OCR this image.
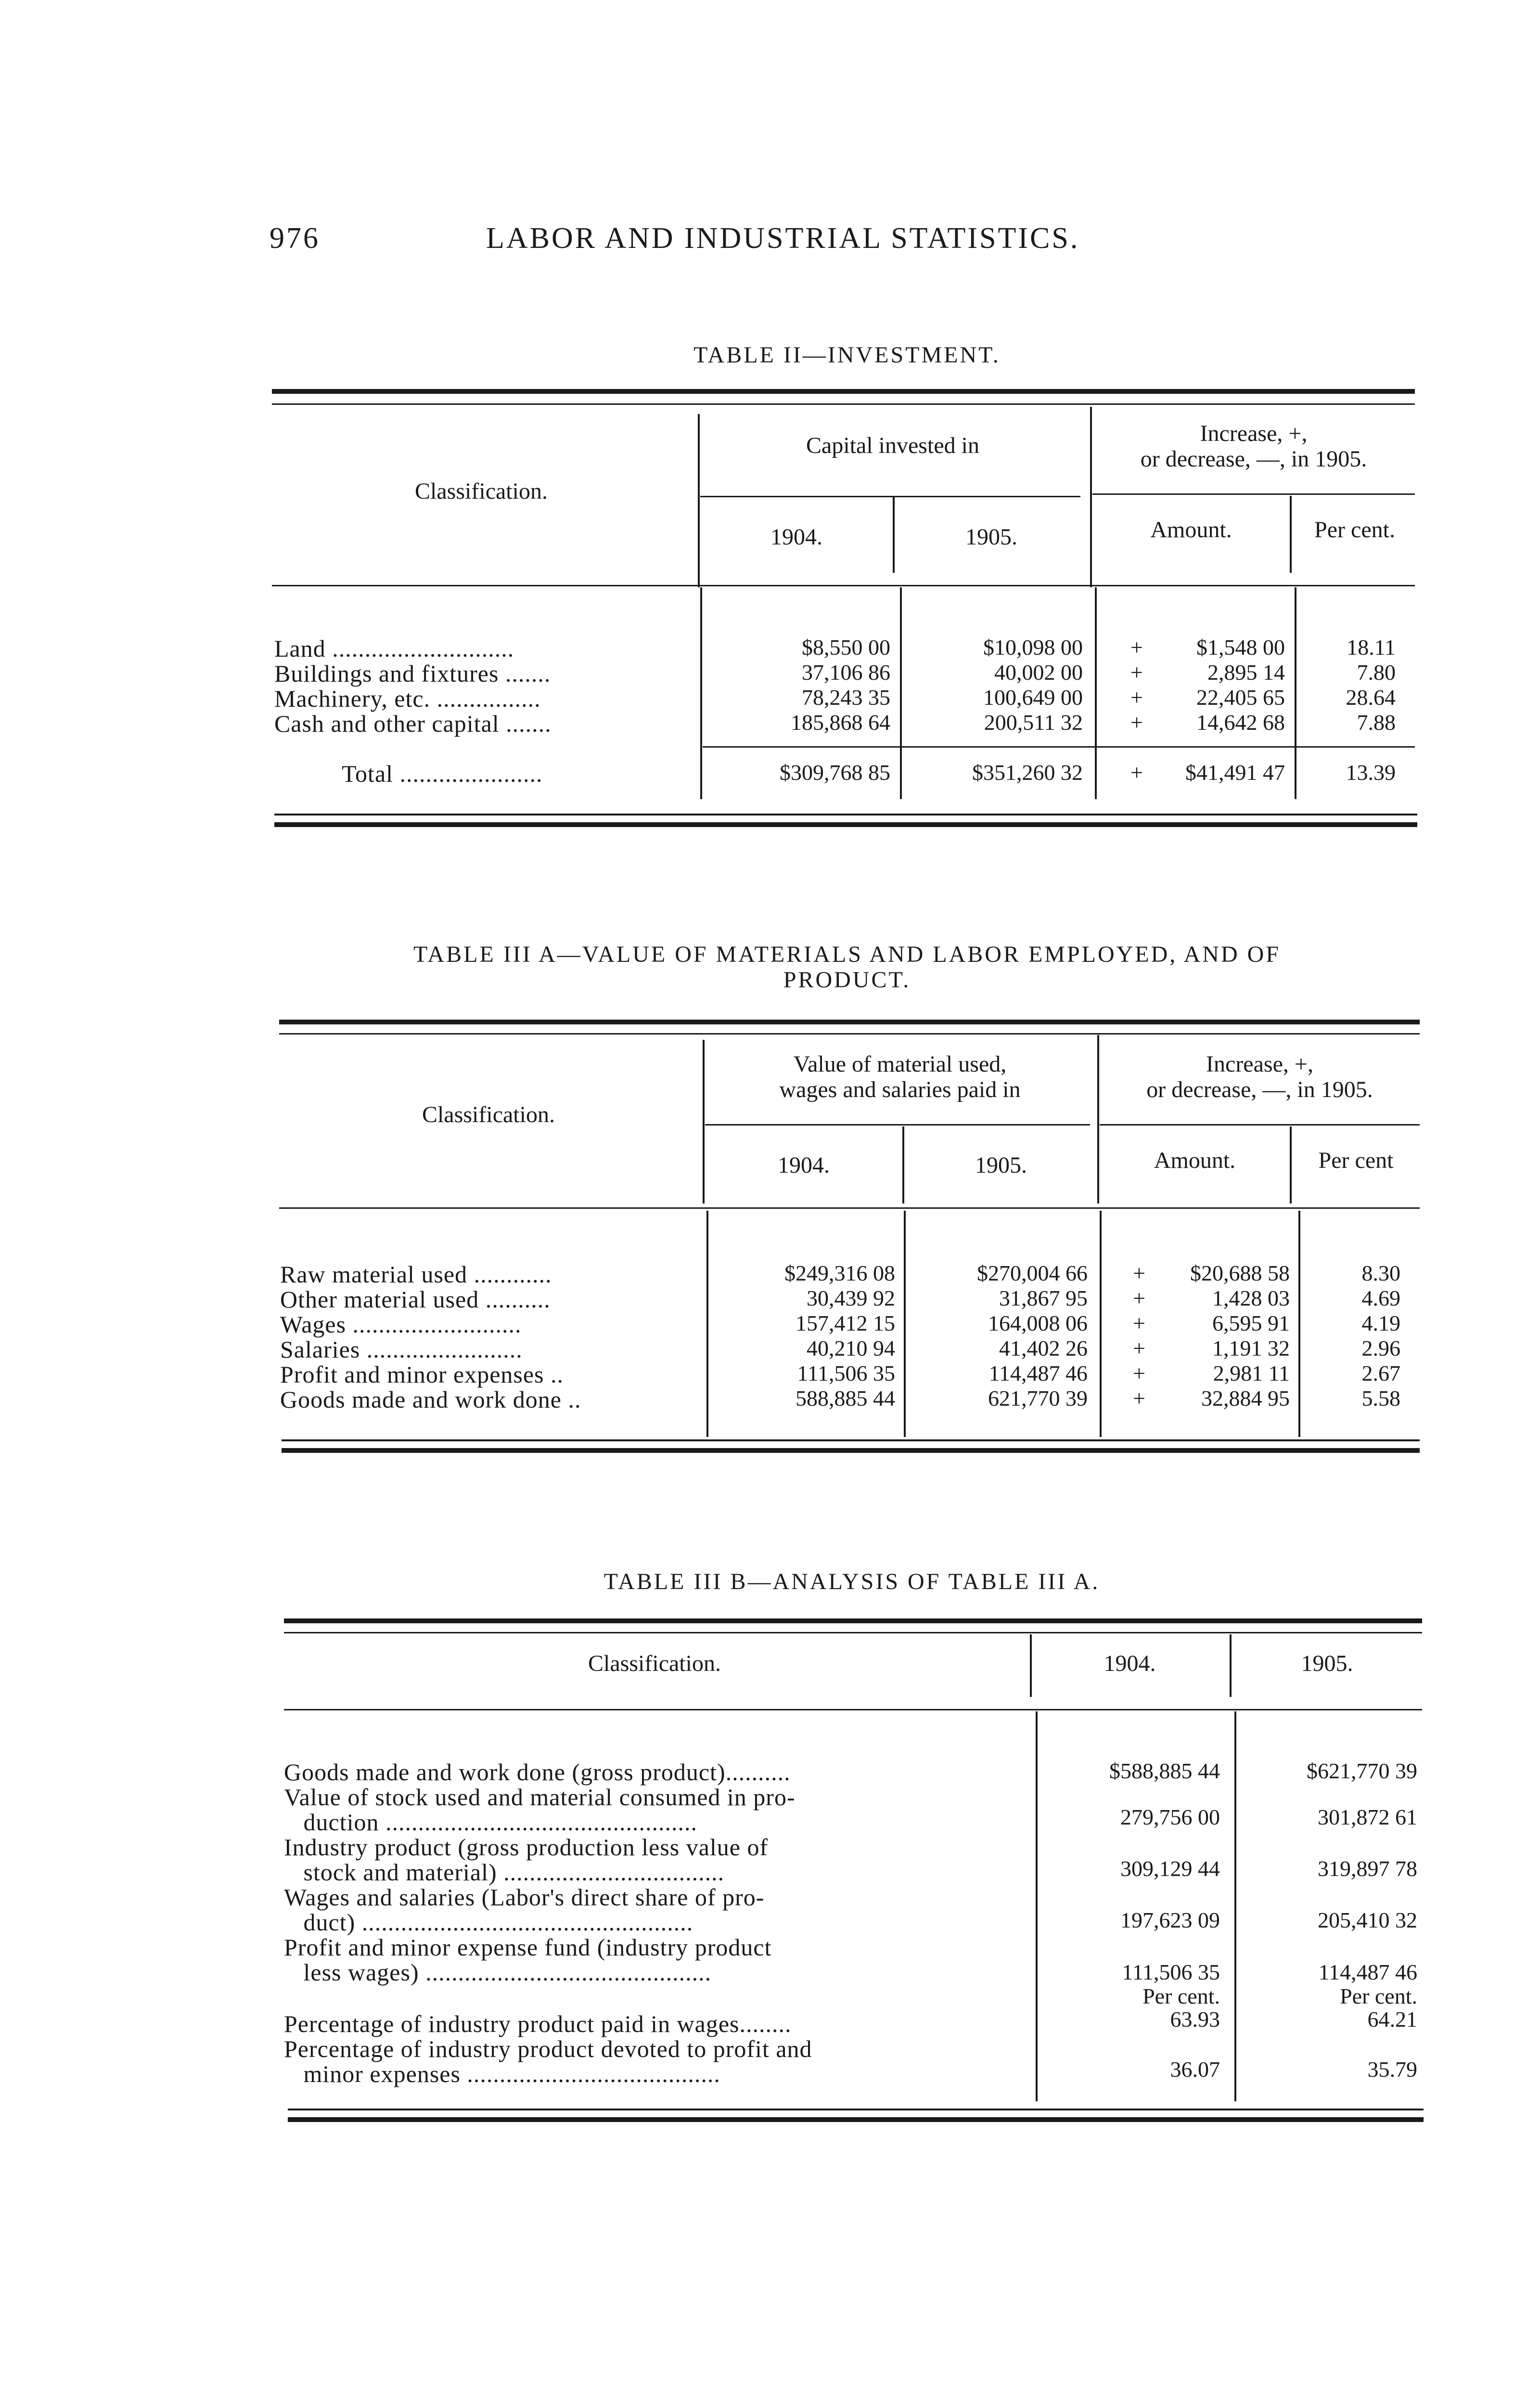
976	LABOR AND INDUSTRIAL STATISTICS.
TABLE II—INVESTMENT.
Classification.
Capital invested in	Increase, +,
or decrease, —, in 1905.
1904.	1905.	Amount.	Per cent.
Land ............................	$8,550 00	$10,098 00	+	$1,548 00	18.11
Buildings and fixtures .......	37,106 86	40,002 00	+	2,895 14	7.80
Machinery, etc. ................	78,243 35	100,649 00	+	22,405 65	28.64
Cash and other capital .......	185,868 64	200,511 32	+	14,642 68	7.88
Total ......................	$309,768 85	$351,260 32	+	$41,491 47	13.39
TABLE III A—VALUE OF MATERIALS AND LABOR EMPLOYED, AND OF
PRODUCT.
Classification.
Value of material used,
wages and salaries paid in
Increase, +,
or decrease, —, in 1905.
1904.	1905.	Amount.	Per cent
Raw material used ............	$249,316 08	$270,004 66	+	$20,688 58	8.30
Other material used ..........	30,439 92	31,867 95	+	1,428 03	4.69
Wages ..........................	157,412 15	164,008 06	+	6,595 91	4.19
Salaries ........................	40,210 94	41,402 26	+	1,191 32	2.96
Profit and minor expenses ..	111,506 35	114,487 46	+	2,981 11	2.67
Goods made and work done ..	588,885 44	621,770 39	+	32,884 95	5.58
TABLE III B—ANALYSIS OF TABLE III A.
Classification.	1904.	1905.
Goods made and work done (gross product)..........	$588,885 44	$621,770 39
Value of stock used and material consumed in pro-
duction ................................................	279,756 00	301,872 61
Industry product (gross production less value of
stock and material) ..................................	309,129 44	319,897 78
Wages and salaries (Labor's direct share of pro-
duct) ...................................................	197,623 09	205,410 32
Profit and minor expense fund (industry product
less wages) ............................................	111,506 35	114,487 46
Per cent.	Per cent.
Percentage of industry product paid in wages........	63.93	64.21
Percentage of industry product devoted to profit and
minor expenses .......................................	36.07	35.79
